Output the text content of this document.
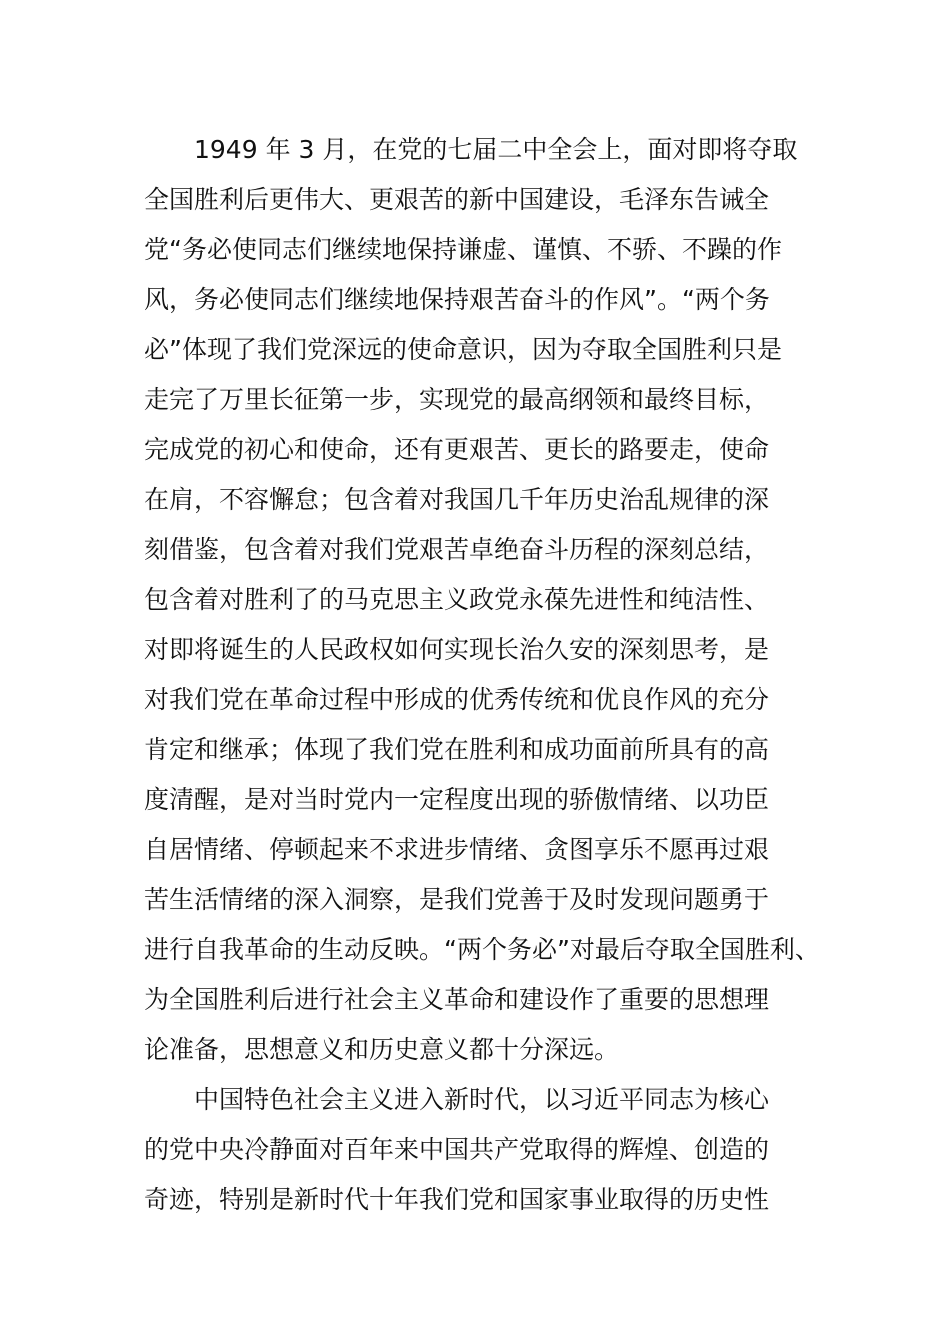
1949 年 3 月，在党的七届二中全会上，面对即将夺取
全国胜利后更伟大、更艰苦的新中国建设，毛泽东告诫全
党“务必使同志们继续地保持谦虚、谨慎、不骄、不躁的作
风，务必使同志们继续地保持艰苦奋斗的作风”。“两个务
必”体现了我们党深远的使命意识，因为夺取全国胜利只是
走完了万里长征第一步，实现党的最高纲领和最终目标，
完成党的初心和使命，还有更艰苦、更长的路要走，使命
在肩，不容懈怠；包含着对我国几千年历史治乱规律的深
刻借鉴，包含着对我们党艰苦卓绝奋斗历程的深刻总结，
包含着对胜利了的马克思主义政党永葆先进性和纯洁性、
对即将诞生的人民政权如何实现长治久安的深刻思考，是
对我们党在革命过程中形成的优秀传统和优良作风的充分
肯定和继承；体现了我们党在胜利和成功面前所具有的高
度清醒，是对当时党内一定程度出现的骄傲情绪、以功臣
自居情绪、停顿起来不求进步情绪、贪图享乐不愿再过艰
苦生活情绪的深入洞察，是我们党善于及时发现问题勇于
进行自我革命的生动反映。“两个务必”对最后夺取全国胜利、
为全国胜利后进行社会主义革命和建设作了重要的思想理
论准备，思想意义和历史意义都十分深远。
中国特色社会主义进入新时代，以习近平同志为核心
的党中央冷静面对百年来中国共产党取得的辉煌、创造的
奇迹，特别是新时代十年我们党和国家事业取得的历史性
